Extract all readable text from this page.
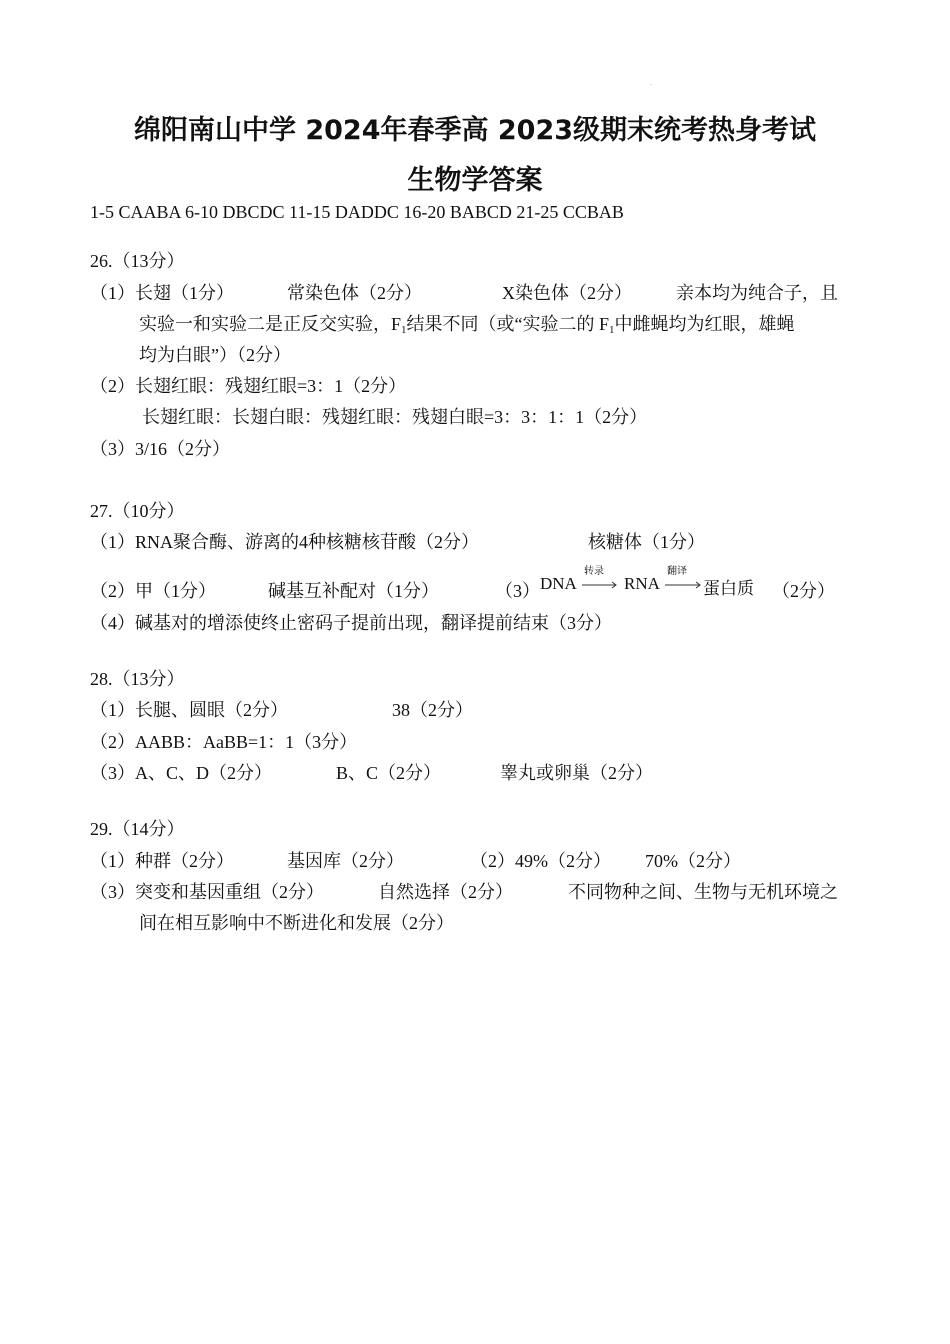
.
绵阳南山中学 2024年春季高 2023级期末统考热身考试
生物学答案
1-5 CAABA 6-10 DBCDC 11-15 DADDC 16-20 BABCD 21-25 CCBAB
26.（13分）
（1）长翅（1分）	常染色体（2分）	X染色体（2分） 亲本均为纯合子，且
实验一和实验二是正反交实验，$F_1$结果不同（或“实验二的 $F_1$中雌蝇均为红眼，雄蝇
均为白眼”）（2分）
（2）长翅红眼：残翅红眼=3：1（2分）
长翅红眼：长翅白眼：残翅红眼：残翅白眼=3：3：1：1（2分）
（3）3/16（2分）
27.（10分）
（1）RNA聚合酶、游离的4种核糖核苷酸（2分）	核糖体（1分）
（2）甲（1分）	碱基互补配对（1分）	（3） DNA
转录
RNA
翻译
蛋白质 （2分）
（4）碱基对的增添使终止密码子提前出现，翻译提前结束（3分）
28.（13分）
（1）长腿、圆眼（2分）	38（2分）
（2）AABB：AaBB=1：1（3分）
（3）A、C、D（2分）	B、C（2分）	睾丸或卵巢（2分）
29.（14分）
（1）种群（2分）	基因库（2分）	（2）49%（2分） 70%（2分）
（3）突变和基因重组（2分）	自然选择（2分）	不同物种之间、生物与无机环境之
间在相互影响中不断进化和发展（2分）
